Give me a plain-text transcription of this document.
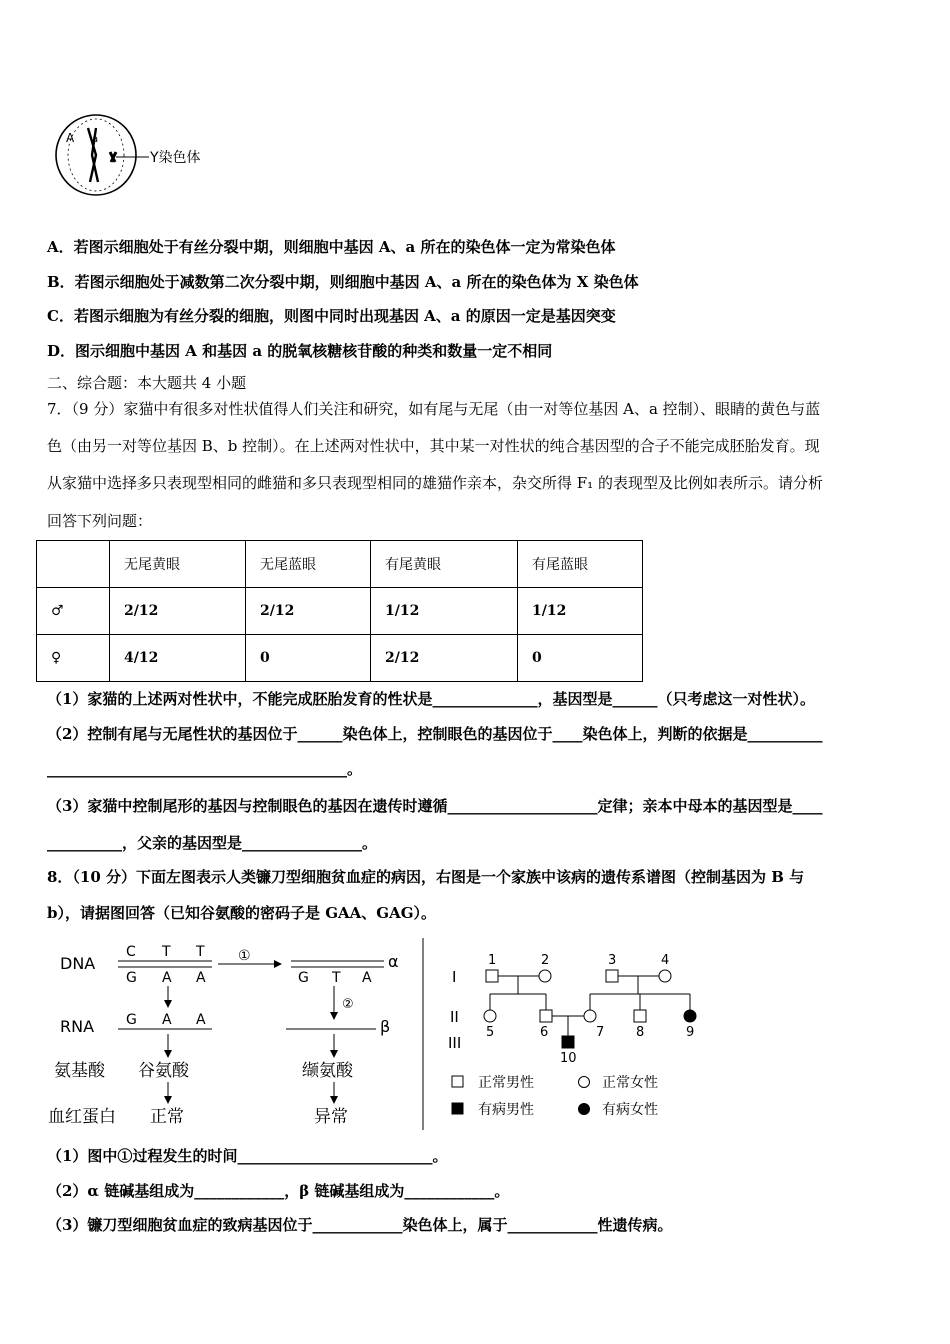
A a
Y染色体
A．若图示细胞处于有丝分裂中期，则细胞中基因 A、a 所在的染色体一定为常染色体
B．若图示细胞处于减数第二次分裂中期，则细胞中基因 A、a 所在的染色体为 X 染色体
C．若图示细胞为有丝分裂的细胞，则图中同时出现基因 A、a 的原因一定是基因突变
D．图示细胞中基因 A 和基因 a 的脱氧核糖核苷酸的种类和数量一定不相同
二、综合题：本大题共 4 小题
7．（9 分）家猫中有很多对性状值得人们关注和研究，如有尾与无尾（由一对等位基因 A、a 控制）、眼睛的黄色与蓝
色（由另一对等位基因 B、b 控制）。在上述两对性状中，其中某一对性状的纯合基因型的合子不能完成胚胎发育。现
从家猫中选择多只表现型相同的雌猫和多只表现型相同的雄猫作亲本，杂交所得 F₁ 的表现型及比例如表所示。请分析
回答下列问题：
	无尾黄眼	无尾蓝眼	有尾黄眼	有尾蓝眼
♂	2/12	2/12	1/12	1/12
♀	4/12	0	2/12	0
（1）家猫的上述两对性状中，不能完成胚胎发育的性状是______________，基因型是______（只考虑这一对性状）。
（2）控制有尾与无尾性状的基因位于______染色体上，控制眼色的基因位于____染色体上，判断的依据是__________
________________________________________。
（3）家猫中控制尾形的基因与控制眼色的基因在遗传时遵循____________________定律；亲本中母本的基因型是____
__________，父亲的基因型是________________。
8．（10 分）下面左图表示人类镰刀型细胞贫血症的病因，右图是一个家族中该病的遗传系谱图（控制基因为 B 与
b），请据图回答（已知谷氨酸的密码子是 GAA、GAG）。
DNA
C T T
G A A
①
G T A
α
②
RNA G A A	β
氨基酸 谷氨酸	缬氨酸
血红蛋白 正常	异常
I
II
III
1	2	3	4
5	6	7 8	9
10
正常男性	正常女性
有病男性	有病女性
（1）图中①过程发生的时间__________________________。
（2）α 链碱基组成为____________，β 链碱基组成为____________。
（3）镰刀型细胞贫血症的致病基因位于____________染色体上，属于____________性遗传病。
